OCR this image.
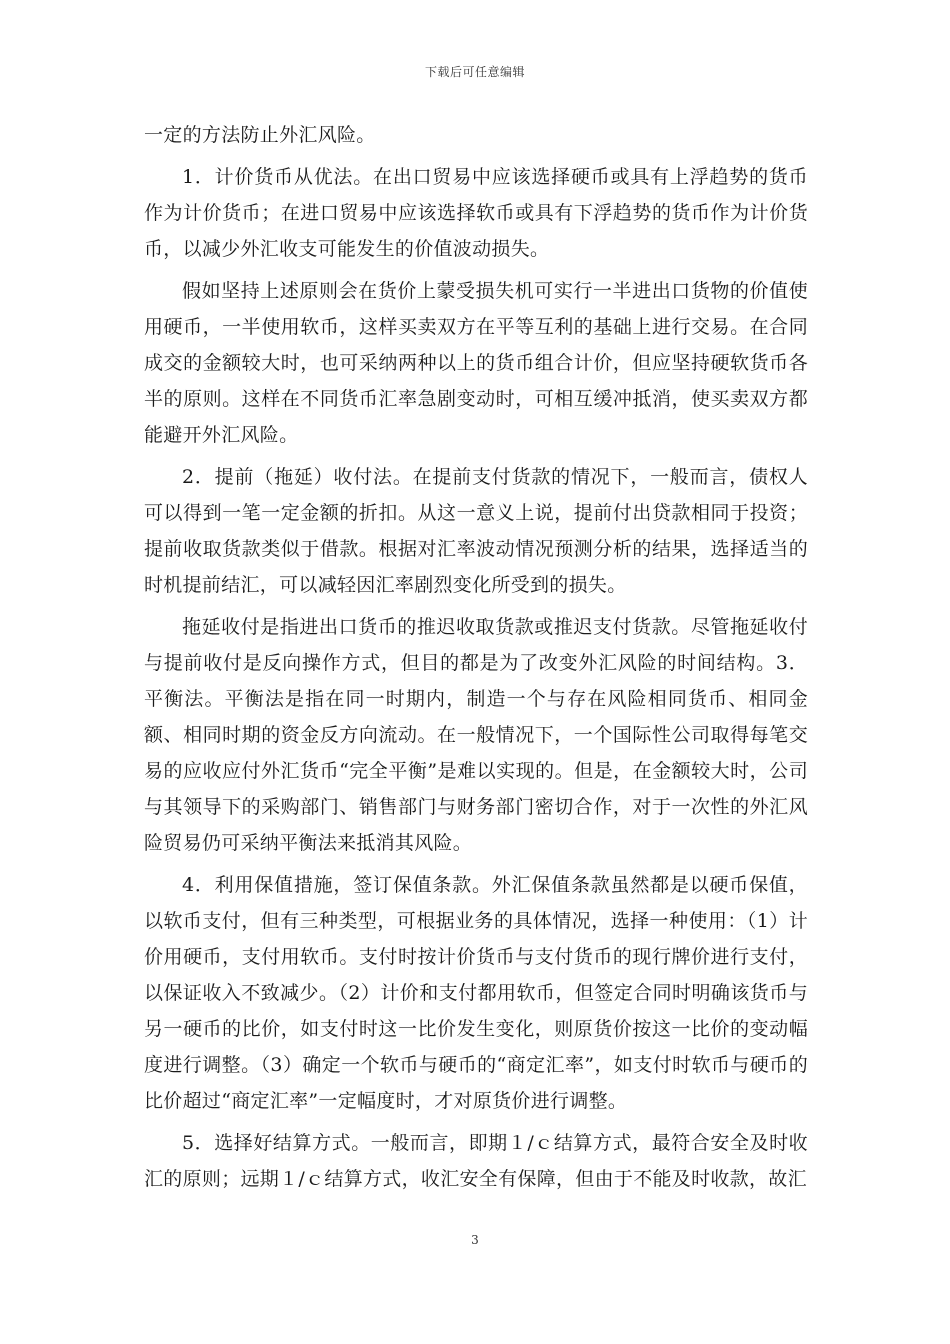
下载后可任意编辑

一定的方法防止外汇风险。

1．计价货币从优法。在出口贸易中应该选择硬币或具有上浮趋势的货币作为计价货币；在进口贸易中应该选择软币或具有下浮趋势的货币作为计价货币，以减少外汇收支可能发生的价值波动损失。

假如坚持上述原则会在货价上蒙受损失机可实行一半进出口货物的价值使用硬币，一半使用软币，这样买卖双方在平等互利的基础上进行交易。在合同成交的金额较大时，也可采纳两种以上的货币组合计价，但应坚持硬软货币各半的原则。这样在不同货币汇率急剧变动时，可相互缓冲抵消，使买卖双方都能避开外汇风险。

2．提前（拖延）收付法。在提前支付货款的情况下，一般而言，债权人可以得到一笔一定金额的折扣。从这一意义上说，提前付出贷款相同于投资；提前收取货款类似于借款。根据对汇率波动情况预测分析的结果，选择适当的时机提前结汇，可以减轻因汇率剧烈变化所受到的损失。

拖延收付是指进出口货币的推迟收取货款或推迟支付货款。尽管拖延收付与提前收付是反向操作方式，但目的都是为了改变外汇风险的时间结构。3．平衡法。平衡法是指在同一时期内，制造一个与存在风险相同货币、相同金额、相同时期的资金反方向流动。在一般情况下，一个国际性公司取得每笔交易的应收应付外汇货币“完全平衡”是难以实现的。但是，在金额较大时，公司与其领导下的采购部门、销售部门与财务部门密切合作，对于一次性的外汇风险贸易仍可采纳平衡法来抵消其风险。

4．利用保值措施，签订保值条款。外汇保值条款虽然都是以硬币保值，以软币支付，但有三种类型，可根据业务的具体情况，选择一种使用：（1）计价用硬币，支付用软币。支付时按计价货币与支付货币的现行牌价进行支付，以保证收入不致减少。（2）计价和支付都用软币，但签定合同时明确该货币与另一硬币的比价，如支付时这一比价发生变化，则原货价按这一比价的变动幅度进行调整。（3）确定一个软币与硬币的“商定汇率”，如支付时软币与硬币的比价超过“商定汇率”一定幅度时，才对原货价进行调整。

5．选择好结算方式。一般而言，即期１/ｃ结算方式，最符合安全及时收汇的原则；远期１/ｃ结算方式，收汇安全有保障，但由于不能及时收款，故汇

3
